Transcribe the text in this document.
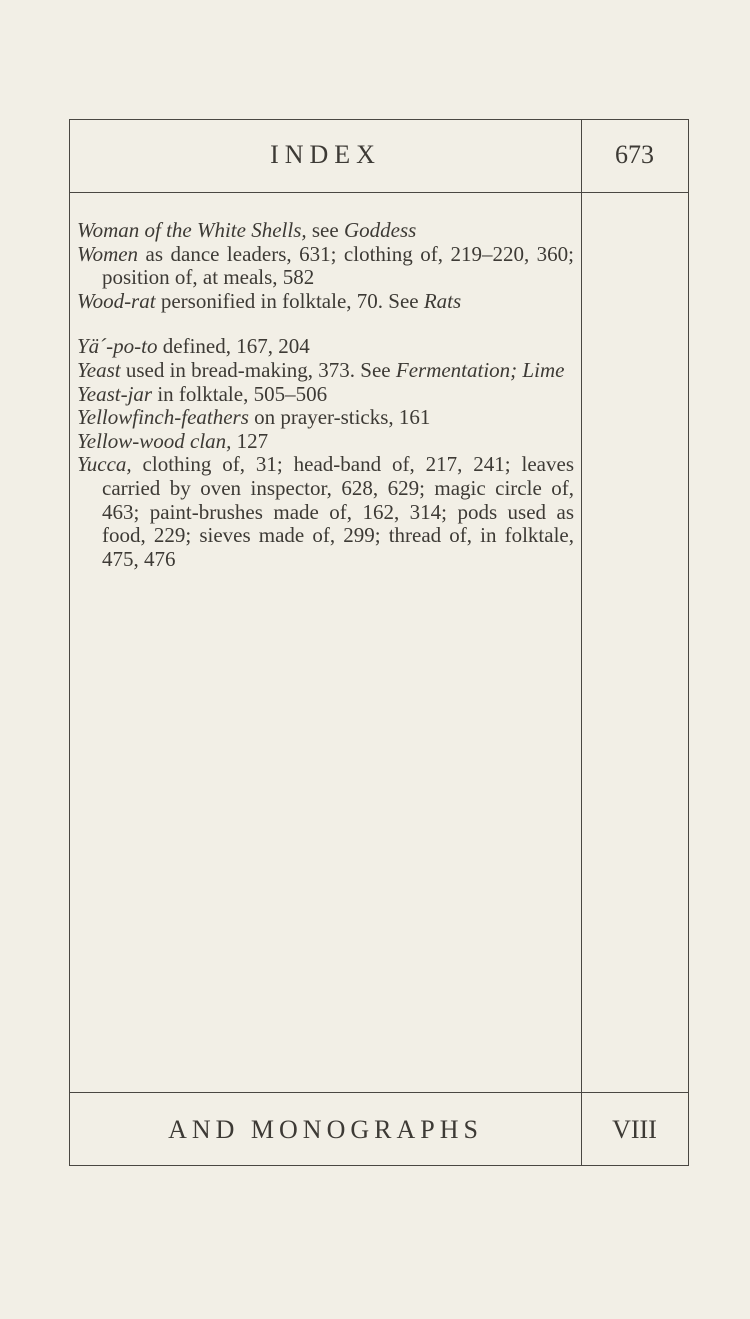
INDEX	673

Woman of the White Shells, see Goddess

Women as dance leaders, 631; clothing of, 219–220, 360; position of, at meals, 582

Wood-rat personified in folktale, 70. See Rats

Yä´-po-to defined, 167, 204

Yeast used in bread-making, 373. See Fermentation; Lime

Yeast-jar in folktale, 505–506

Yellowfinch-feathers on prayer-sticks, 161

Yellow-wood clan, 127

Yucca, clothing of, 31; head-band of, 217, 241; leaves carried by oven inspector, 628, 629; magic circle of, 463; paint-brushes made of, 162, 314; pods used as food, 229; sieves made of, 299; thread of, in folktale, 475, 476

AND MONOGRAPHS	VIII
